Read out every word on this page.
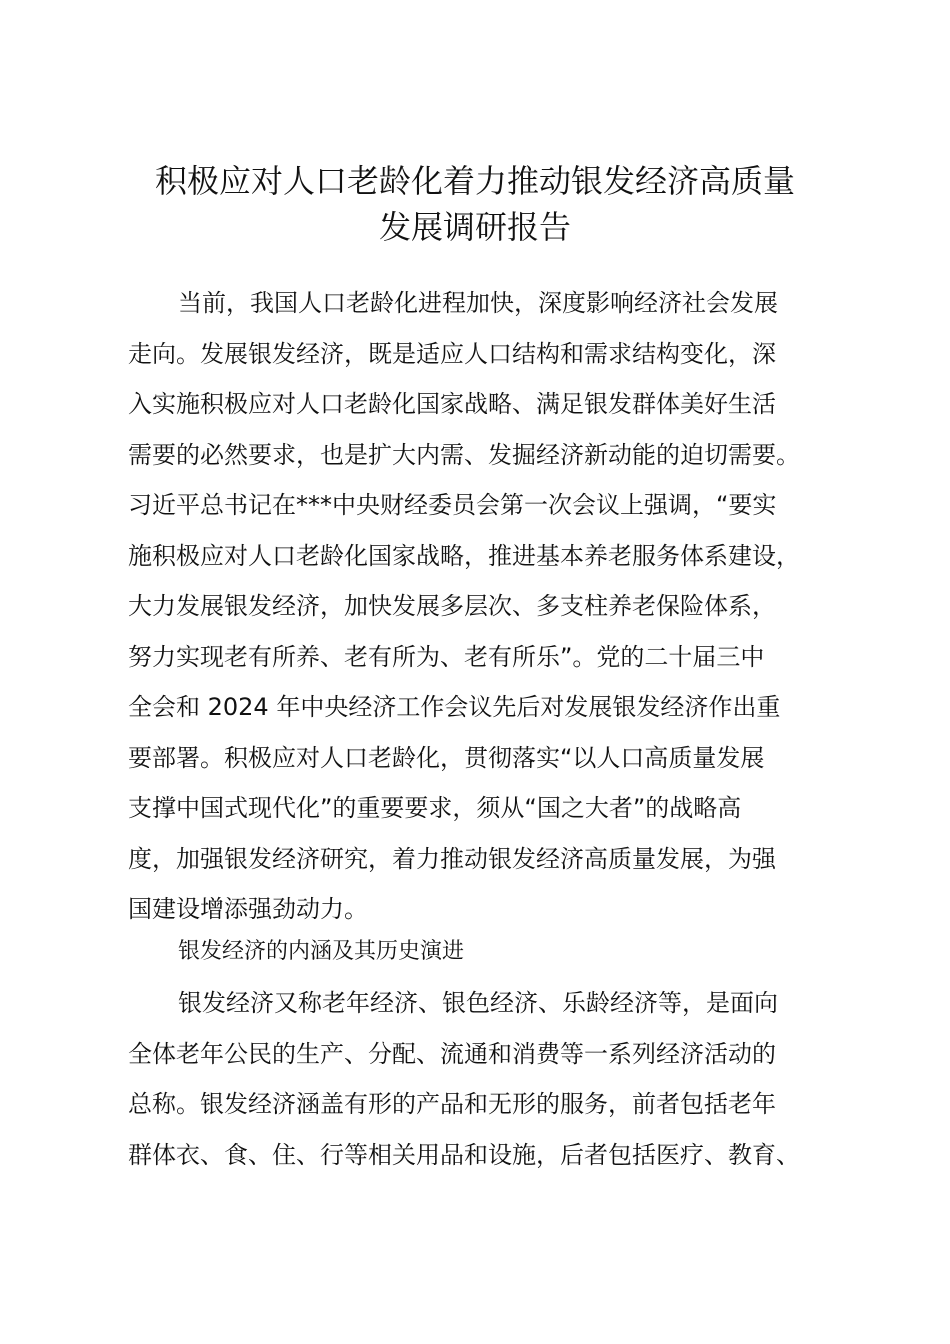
积极应对人口老龄化着力推动银发经济高质量
发展调研报告
当前，我国人口老龄化进程加快，深度影响经济社会发展
走向。发展银发经济，既是适应人口结构和需求结构变化，深
入实施积极应对人口老龄化国家战略、满足银发群体美好生活
需要的必然要求，也是扩大内需、发掘经济新动能的迫切需要。
习近平总书记在***中央财经委员会第一次会议上强调，“要实
施积极应对人口老龄化国家战略，推进基本养老服务体系建设，
大力发展银发经济，加快发展多层次、多支柱养老保险体系，
努力实现老有所养、老有所为、老有所乐”。党的二十届三中
全会和 2024 年中央经济工作会议先后对发展银发经济作出重
要部署。积极应对人口老龄化，贯彻落实“以人口高质量发展
支撑中国式现代化”的重要要求，须从“国之大者”的战略高
度，加强银发经济研究，着力推动银发经济高质量发展，为强
国建设增添强劲动力。
银发经济的内涵及其历史演进
银发经济又称老年经济、银色经济、乐龄经济等，是面向
全体老年公民的生产、分配、流通和消费等一系列经济活动的
总称。银发经济涵盖有形的产品和无形的服务，前者包括老年
群体衣、食、住、行等相关用品和设施，后者包括医疗、教育、
